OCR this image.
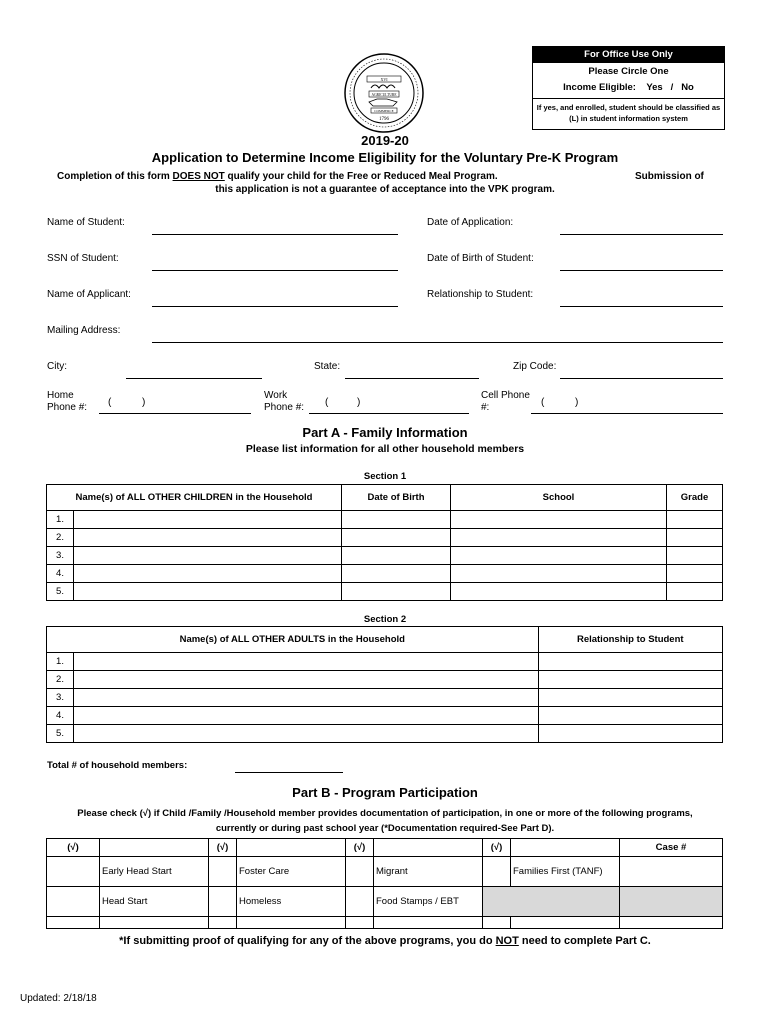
XVI
AGRICULTURE
COMMERCE
1796
For Office Use Only
Please Circle One
Income Eligible:    Yes   /   No
If yes, and enrolled, student should be classified as
(L) in student information system
2019-20
Application to Determine Income Eligibility for the Voluntary Pre-K Program
Completion of this form DOES NOT qualify your child for the Free or Reduced Meal Program.	Submission of
this application is not a guarantee of acceptance into the VPK program.
Name of Student:	Date of Application:
SSN of Student:	Date of Birth of Student:
Name of Applicant:	Relationship to Student:
Mailing Address:
City:	State:	Zip Code:
Home
Phone #: (	)
Work
Phone #: (	)
Cell Phone
#:	(	)
Part A - Family Information
Please list information for all other household members
Section 1
Name(s) of ALL OTHER CHILDREN in the Household		Date of Birth	School	Grade
1.				
2.				
3.				
4.				
5.				
Section 2
Name(s) of ALL OTHER ADULTS in the Household		Relationship to Student
1.		
2.		
3.		
4.		
5.		
Total # of household members:
Part B - Program Participation
Please check (√) if Child /Family /Household member provides documentation of participation, in one or more of the following programs,
currently or during past school year (*Documentation required-See Part D).
(√)		(√)		(√)		(√)		Case #
	Early Head Start		Foster Care		Migrant		Families First (TANF)	
	Head Start		Homeless		Food Stamps / EBT			

*If submitting proof of qualifying for any of the above programs, you do NOT need to complete Part C.
Updated: 2/18/18
